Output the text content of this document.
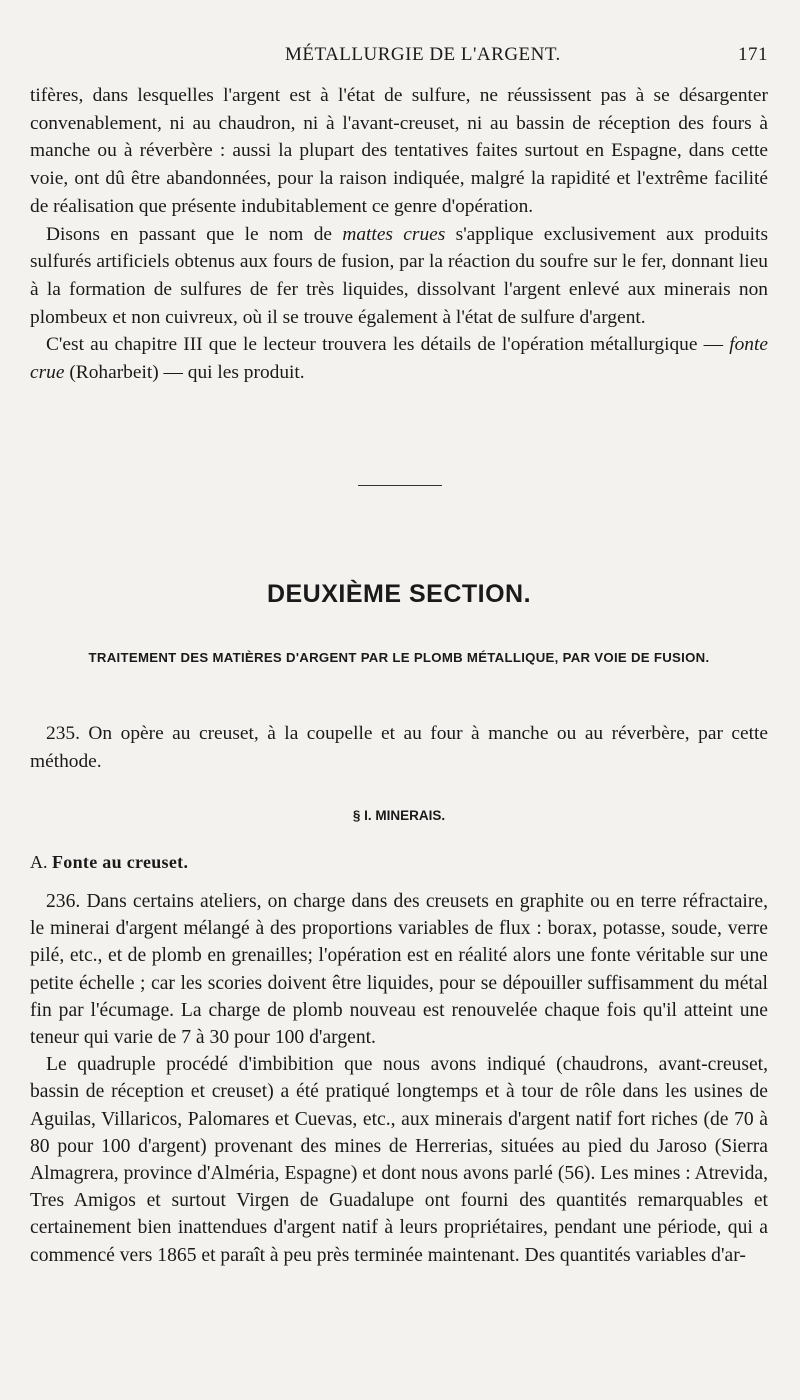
MÉTALLURGIE DE L'ARGENT.	171

tifères, dans lesquelles l'argent est à l'état de sulfure, ne réussissent pas à se désargenter convenablement, ni au chaudron, ni à l'avant-creuset, ni au bassin de réception des fours à manche ou à réverbère : aussi la plupart des tentatives faites surtout en Espagne, dans cette voie, ont dû être abandonnées, pour la raison indiquée, malgré la rapidité et l'extrême facilité de réalisation que présente indubitablement ce genre d'opération.

Disons en passant que le nom de mattes crues s'applique exclusivement aux produits sulfurés artificiels obtenus aux fours de fusion, par la réaction du soufre sur le fer, donnant lieu à la formation de sulfures de fer très liquides, dissolvant l'argent enlevé aux minerais non plombeux et non cuivreux, où il se trouve également à l'état de sulfure d'argent.

C'est au chapitre III que le lecteur trouvera les détails de l'opération métallurgique — fonte crue (Roharbeit) — qui les produit.

DEUXIÈME SECTION.
TRAITEMENT DES MATIÈRES D'ARGENT PAR LE PLOMB MÉTALLIQUE, PAR VOIE DE FUSION.

235. On opère au creuset, à la coupelle et au four à manche ou au réverbère, par cette méthode.

§ I. MINERAIS.
A. Fonte au creuset.

236. Dans certains ateliers, on charge dans des creusets en graphite ou en terre réfractaire, le minerai d'argent mélangé à des proportions variables de flux : borax, potasse, soude, verre pilé, etc., et de plomb en grenailles; l'opération est en réalité alors une fonte véritable sur une petite échelle ; car les scories doivent être liquides, pour se dépouiller suffisamment du métal fin par l'écumage. La charge de plomb nouveau est renouvelée chaque fois qu'il atteint une teneur qui varie de 7 à 30 pour 100 d'argent.

Le quadruple procédé d'imbibition que nous avons indiqué (chaudrons, avant-creuset, bassin de réception et creuset) a été pratiqué longtemps et à tour de rôle dans les usines de Aguilas, Villaricos, Palomares et Cuevas, etc., aux minerais d'argent natif fort riches (de 70 à 80 pour 100 d'argent) provenant des mines de Herrerias, situées au pied du Jaroso (Sierra Almagrera, province d'Alméria, Espagne) et dont nous avons parlé (56). Les mines : Atrevida, Tres Amigos et surtout Virgen de Guadalupe ont fourni des quantités remarquables et certainement bien inattendues d'argent natif à leurs propriétaires, pendant une période, qui a commencé vers 1865 et paraît à peu près terminée maintenant. Des quantités variables d'ar-
